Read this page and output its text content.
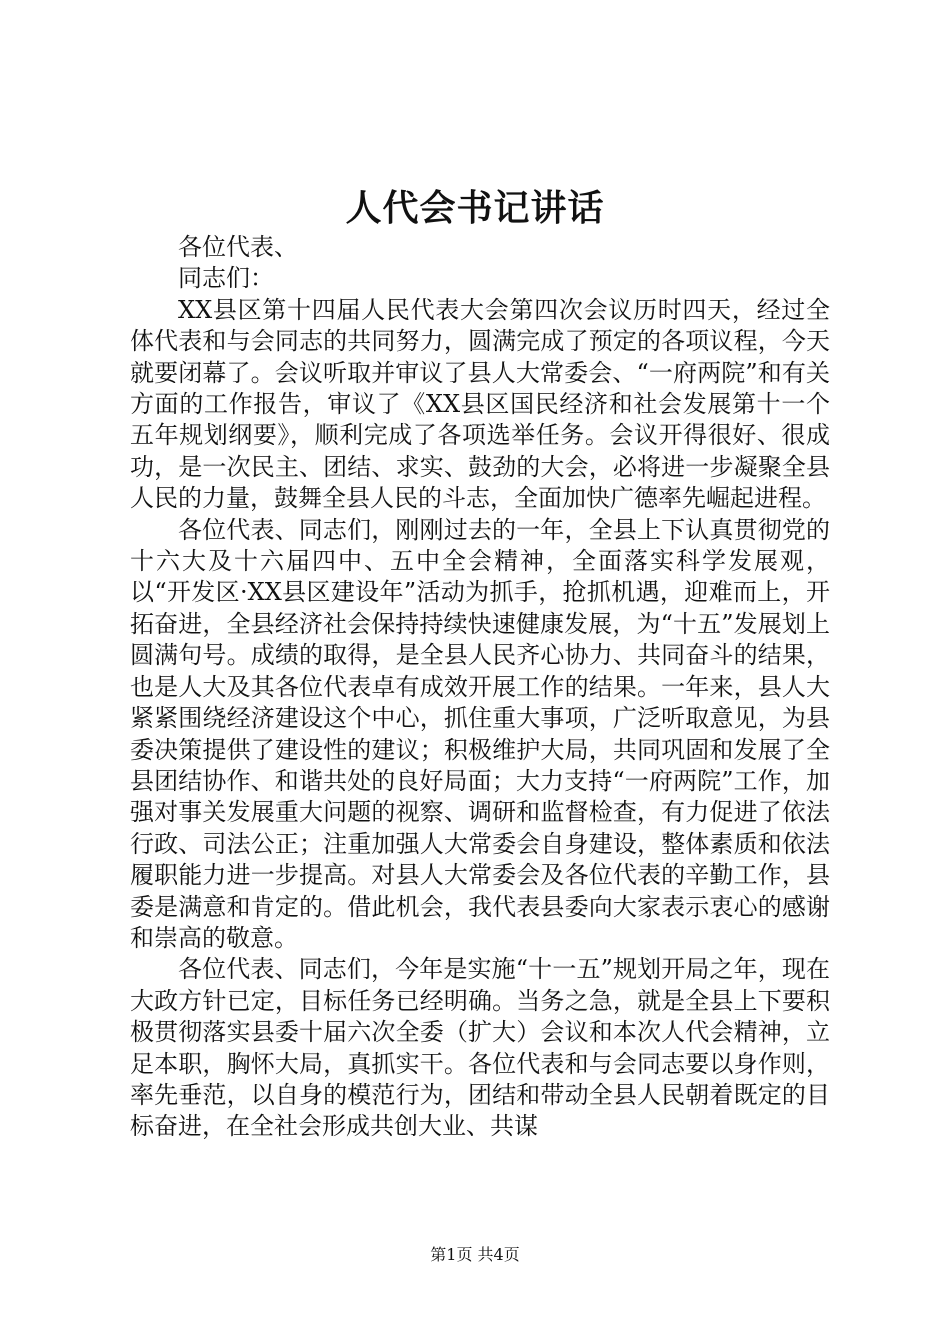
人代会书记讲话

各位代表、

同志们：

XX县区第十四届人民代表大会第四次会议历时四天，经过全体代表和与会同志的共同努力，圆满完成了预定的各项议程，今天就要闭幕了。会议听取并审议了县人大常委会、“一府两院”和有关方面的工作报告，审议了《XX县区国民经济和社会发展第十一个五年规划纲要》，顺利完成了各项选举任务。会议开得很好、很成功，是一次民主、团结、求实、鼓劲的大会，必将进一步凝聚全县人民的力量，鼓舞全县人民的斗志，全面加快广德率先崛起进程。

各位代表、同志们，刚刚过去的一年，全县上下认真贯彻党的十六大及十六届四中、五中全会精神，全面落实科学发展观，以“开发区·XX县区建设年”活动为抓手，抢抓机遇，迎难而上，开拓奋进，全县经济社会保持持续快速健康发展，为“十五”发展划上圆满句号。成绩的取得，是全县人民齐心协力、共同奋斗的结果，也是人大及其各位代表卓有成效开展工作的结果。一年来，县人大紧紧围绕经济建设这个中心，抓住重大事项，广泛听取意见，为县委决策提供了建设性的建议；积极维护大局，共同巩固和发展了全县团结协作、和谐共处的良好局面；大力支持“一府两院”工作，加强对事关发展重大问题的视察、调研和监督检查，有力促进了依法行政、司法公正；注重加强人大常委会自身建设，整体素质和依法履职能力进一步提高。对县人大常委会及各位代表的辛勤工作，县委是满意和肯定的。借此机会，我代表县委向大家表示衷心的感谢和崇高的敬意。

各位代表、同志们，今年是实施“十一五”规划开局之年，现在大政方针已定，目标任务已经明确。当务之急，就是全县上下要积极贯彻落实县委十届六次全委（扩大）会议和本次人代会精神，立足本职，胸怀大局，真抓实干。各位代表和与会同志要以身作则，率先垂范，以自身的模范行为，团结和带动全县人民朝着既定的目标奋进，在全社会形成共创大业、共谋

第1页 共4页
